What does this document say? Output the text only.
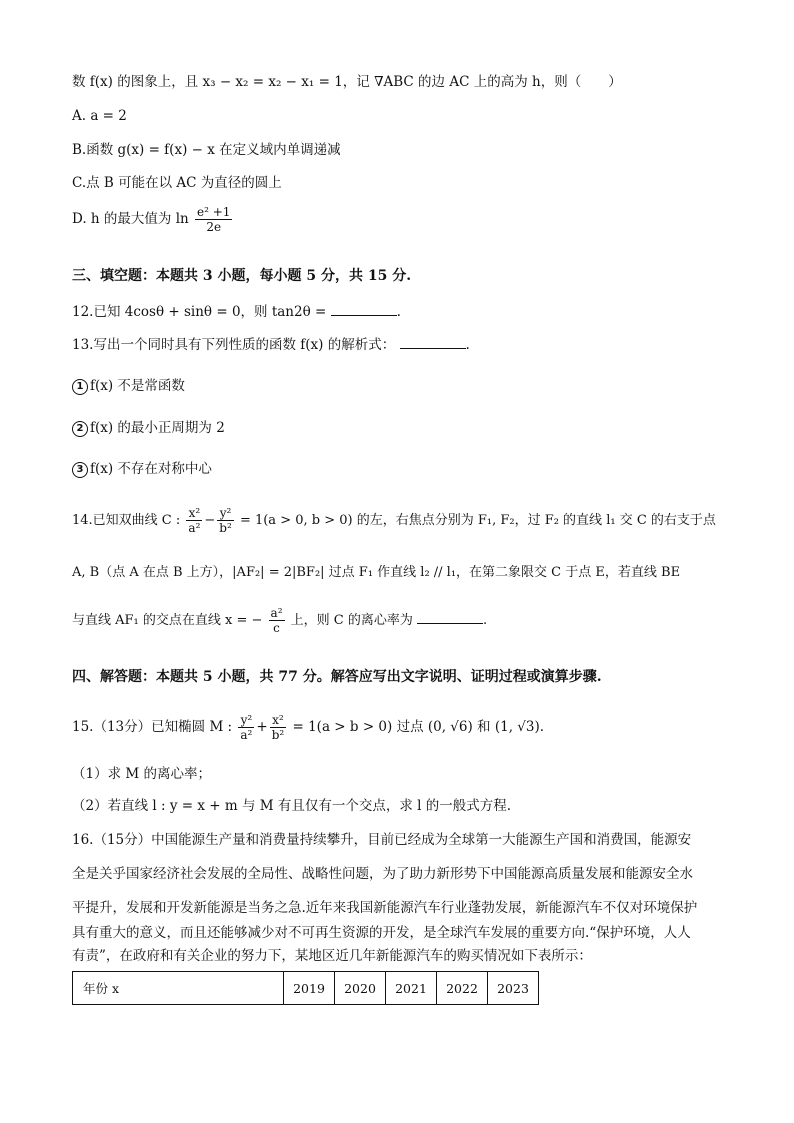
数 f(x) 的图象上，且 x₃ − x₂ = x₂ − x₁ = 1，记 ∇ABC 的边 AC 上的高为 h，则（　　）
A. a = 2
B.函数 g(x) = f(x) − x 在定义域内单调递减
C.点 B 可能在以 AC 为直径的圆上
D. h 的最大值为 $\ln \frac{\text{e² +1}}{2e}$
三、填空题：本题共 3 小题，每小题 5 分，共 15 分.
12.已知 4cosθ + sinθ = 0，则 tan2θ =	.
13.写出一个同时具有下列性质的函数 f(x) 的解析式：	.
1 f(x) 不是常函数
2 f(x) 的最小正周期为 2
3 f(x) 不存在对称中心
14.已知双曲线 C : $\frac{\text{x²}}{\text{a²}} - \frac{\text{y²}}{\text{b²}} = 1(a > 0$, b > 0) 的左，右焦点分别为 F₁, F₂，过 F₂ 的直线 l₁ 交 C 的右支于点
A, B（点 A 在点 B 上方），|AF₂| = 2|BF₂| 过点 F₁ 作直线 l₂ // l₁，在第二象限交 C 于点 E，若直线 BE
与直线 AF₁ 的交点在直线 x = − $\frac{\text{a²}}{c}$ 上，则 C 的离心率为	.
四、解答题：本题共 5 小题，共 77 分。解答应写出文字说明、证明过程或演算步骤.
15.（13分）已知椭圆 M : $\frac{\text{y²}}{\text{a²}} + \frac{\text{x²}}{\text{b²}} = 1(a > b > 0)$ 过点 (0, √6) 和 (1, √3).
（1）求 M 的离心率；
（2）若直线 l : y = x + m 与 M 有且仅有一个交点，求 l 的一般式方程.
16.（15分）中国能源生产量和消费量持续攀升，目前已经成为全球第一大能源生产国和消费国，能源安
全是关乎国家经济社会发展的全局性、战略性问题，为了助力新形势下中国能源高质量发展和能源安全水
平提升，发展和开发新能源是当务之急.近年来我国新能源汽车行业蓬勃发展，新能源汽车不仅对环境保护
具有重大的意义，而且还能够减少对不可再生资源的开发，是全球汽车发展的重要方向.“保护环境，人人
有责”，在政府和有关企业的努力下，某地区近几年新能源汽车的购买情况如下表所示：
年份 x	2019	2020	2021	2022	2023
